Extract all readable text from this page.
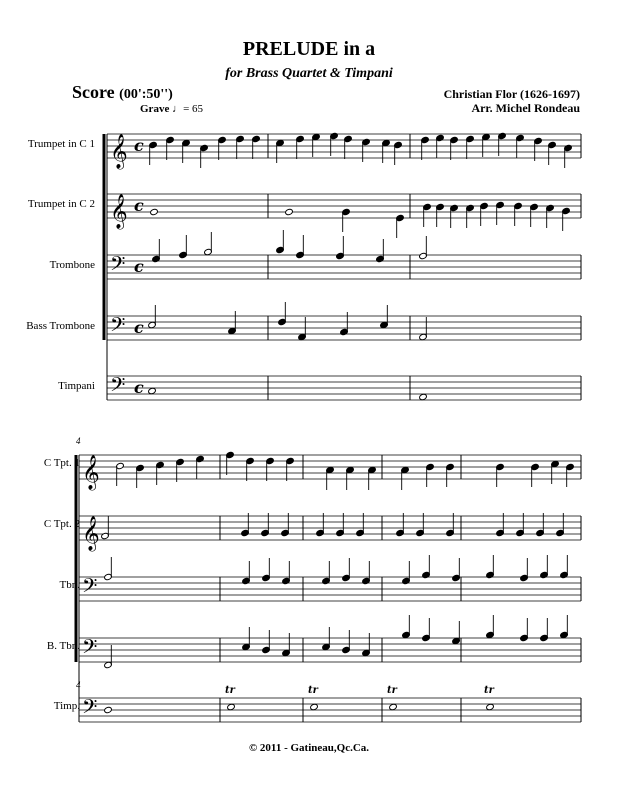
PRELUDE in a
for Brass Quartet & Timpani
Score (00':50'')	Christian Flor (1626-1697)
Arr. Michel Rondeau
Grave ♩= 65
Trumpet in C 1
Trumpet in C 2
Trombone
Bass Trombone
Timpani
C Tpt. 1
C Tpt. 2
Tbn.
B. Tbn.
Timp.
4
4
𝄞 c
𝄞 c
𝄢 c
𝄢 c
𝄢 c
𝄞
𝄞
𝄢
𝄢
𝄢
tr	tr	tr	tr
© 2011 - Gatineau,Qc.Ca.
